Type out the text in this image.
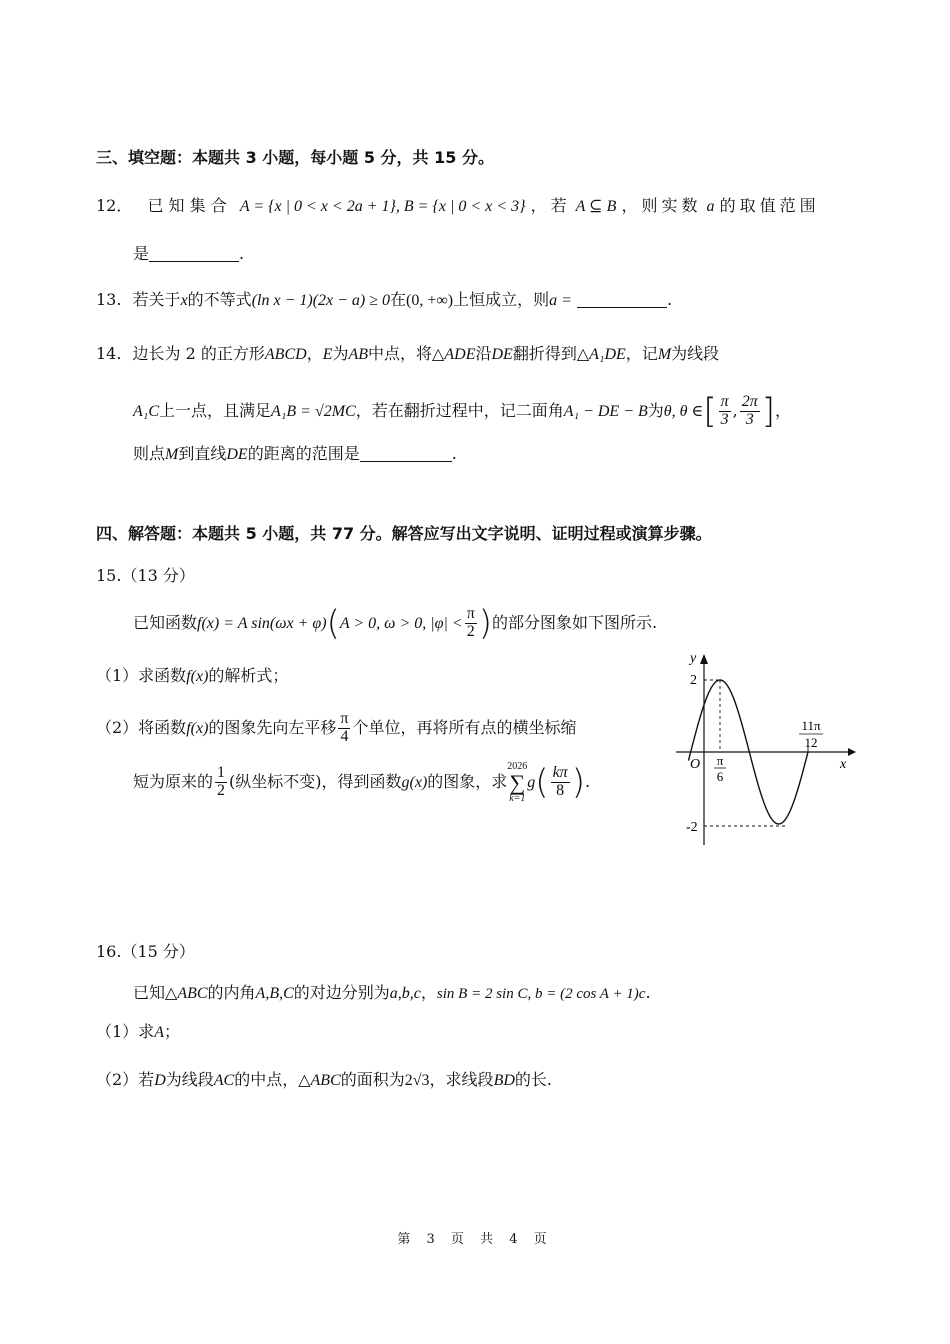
三、填空题：本题共 3 小题，每小题 5 分，共 15 分。
12． 已 知 集 合 A = {x | 0 < x < 2a + 1}, B = {x | 0 < x < 3} ，若 A ⊆ B ，则实数 a 的取值范围
是	.
13. 若关于x的不等式(ln x − 1)(2x − a) ≥ 0在(0, +∞)上恒成立，则a =	.
14. 边长为 2 的正方形ABCD，E为AB中点，将△ADE沿DE翻折得到△A₁DE，记M为线段
A₁C上一点，且满足A₁B = √2MC，若在翻折过程中，记二面角A₁ − DE − B为θ, θ ∈[ $\frac{\pi}{3}$ , $\frac{2\pi}{3}$ ]，
则点M到直线DE的距离的范围是	.
四、解答题：本题共 5 小题，共 77 分。解答应写出文字说明、证明过程或演算步骤。
15.（13 分）
已知函数f(x) = A sin(ωx + φ)(A > 0, ω > 0, $|\varphi| < \frac{\pi}{2}$ )的部分图象如下图所示.
（1）求函数f(x)的解析式；
（2）将函数f(x)的图象先向左平移 $\frac{\pi}{4}$ 个单位，再将所有点的横坐标缩
短为原来的 $\frac{1}{2}$ (纵坐标不变)，得到函数g(x)的图象，求2026
∑
$k=1g( \frac{k\pi}{8}$ ).
y
x
O
2
-2
π
6
11π
12
16.（15 分）
已知△ABC的内角A,B,C的对边分别为a,b,c，sin B = 2 sin C, b = (2 cos A + 1)c.
（1）求A；
（2）若D为线段AC的中点，△ABC的面积为2√3，求线段BD的长.
第 3 页 共 4 页
